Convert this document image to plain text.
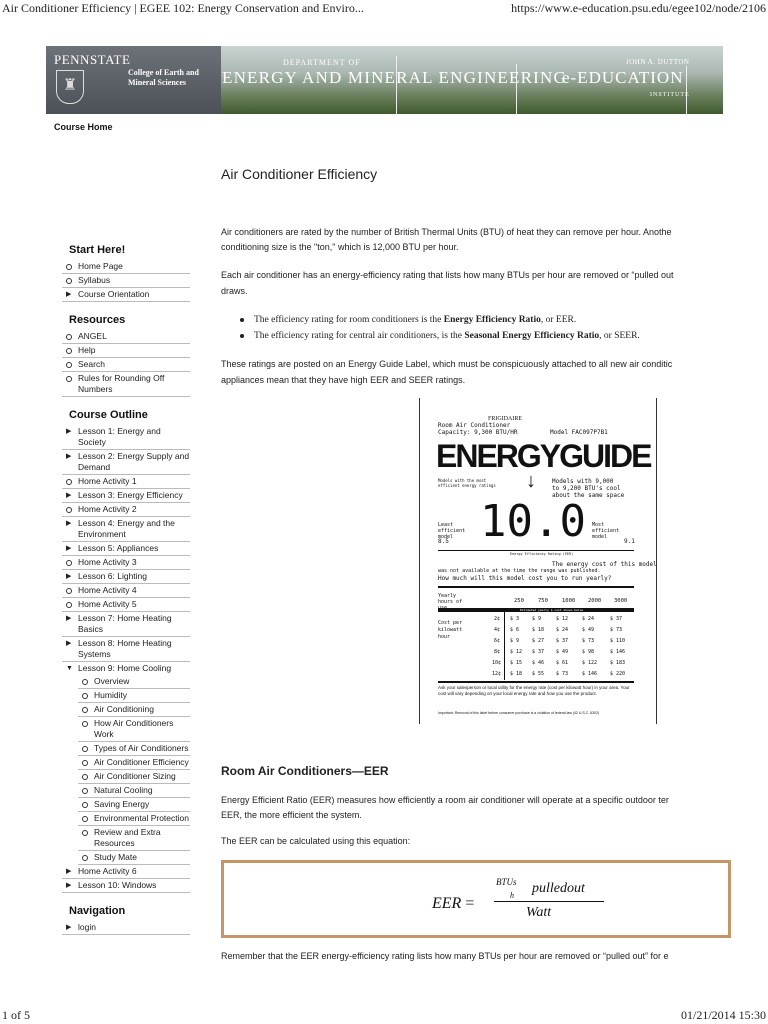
Air Conditioner Efficiency | EGEE 102: Energy Conservation and Enviro...	https://www.e-education.psu.edu/egee102/node/2106
PENNSTATE
♜
College of Earth and Mineral Sciences
DEPARTMENT OF
ENERGY AND MINERAL ENGINEERING
JOHN A. DUTTON
e-EDUCATION
INSTITUTE
Course Home
Start Here!
Home Page
Syllabus
▶ Course Orientation
Resources
ANGEL
Help
Search
Rules for Rounding Off Numbers
Course Outline
▶ Lesson 1: Energy and Society
▶ Lesson 2: Energy Supply and Demand
Home Activity 1
▶ Lesson 3: Energy Efficiency
Home Activity 2
▶ Lesson 4: Energy and the Environment
▶ Lesson 5: Appliances
Home Activity 3
▶ Lesson 6: Lighting
Home Activity 4
Home Activity 5
▶ Lesson 7: Home Heating Basics
▶ Lesson 8: Home Heating Systems
▼ Lesson 9: Home Cooling
Overview
Humidity
Air Conditioning
How Air Conditioners Work
Types of Air Conditioners
Air Conditioner Efficiency
Air Conditioner Sizing
Natural Cooling
Saving Energy
Environmental Protection
Review and Extra Resources
Study Mate
▶ Home Activity 6
▶ Lesson 10: Windows
Navigation
▶ login
Air Conditioner Efficiency
Air conditioners are rated by the number of British Thermal Units (BTU) of heat they can remove per hour. Anothe
conditioning size is the "ton," which is 12,000 BTU per hour.
Each air conditioner has an energy-efficiency rating that lists how many BTUs per hour are removed or “pulled out
draws.
The efficiency rating for room conditioners is the Energy Efficiency Ratio, or EER.
The efficiency rating for central air conditioners, is the Seasonal Energy Efficiency Ratio, or SEER.
These ratings are posted on an Energy Guide Label, which must be conspicuously attached to all new air conditic
appliances mean that they have high EER and SEER ratings.
FRIGIDAIRE
Room Air Conditioner
Capacity: 9,300 BTU/HR	Model FAC097P7B1
ENERGYGUIDE
↓
Models with the most efficient energy ratings
Models with 9,000
to 9,200 BTU's cool
about the same space
10.0
Least efficient model
8.5
Most efficient model
9.1
Energy Efficiency Rating (EER)
The energy cost of this model
was not available at the time the range was published.
How much will this model cost you to run yearly?
Yearly hours of	250	750	1000 2000 3000
Estimated yearly $ cost shown below
Cost per kilowatt hour
2¢ $ 3	$ 9	$ 12	$ 24	$ 37
4¢ $ 6	$ 18 $ 24	$ 49	$ 73
6¢ $ 9	$ 27 $ 37	$ 73	$ 110
8¢ $ 12 $ 37 $ 49	$ 98	$ 146
10¢ $ 15 $ 46 $ 61	$ 122	$ 183
12¢ $ 18 $ 55 $ 73	$ 146	$ 220
Ask your salesperson or local utility for the energy rate (cost per kilowatt hour) in your area. Your cost will vary depending on your local energy rate and how you use the product.
Important: Removal of this label before consumer purchase is a violation of federal law (42 U.S.C. 6302)
Room Air Conditioners—EER
Energy Efficient Ratio (EER) measures how efficiently a room air conditioner will operate at a specific outdoor ter
EER, the more efficient the system.
The EER can be calculated using this equation:
EER =
BTUs
h pulledout
Watt
Remember that the EER energy-efficiency rating lists how many BTUs per hour are removed or “pulled out” for e
1 of 5	01/21/2014 15:30
